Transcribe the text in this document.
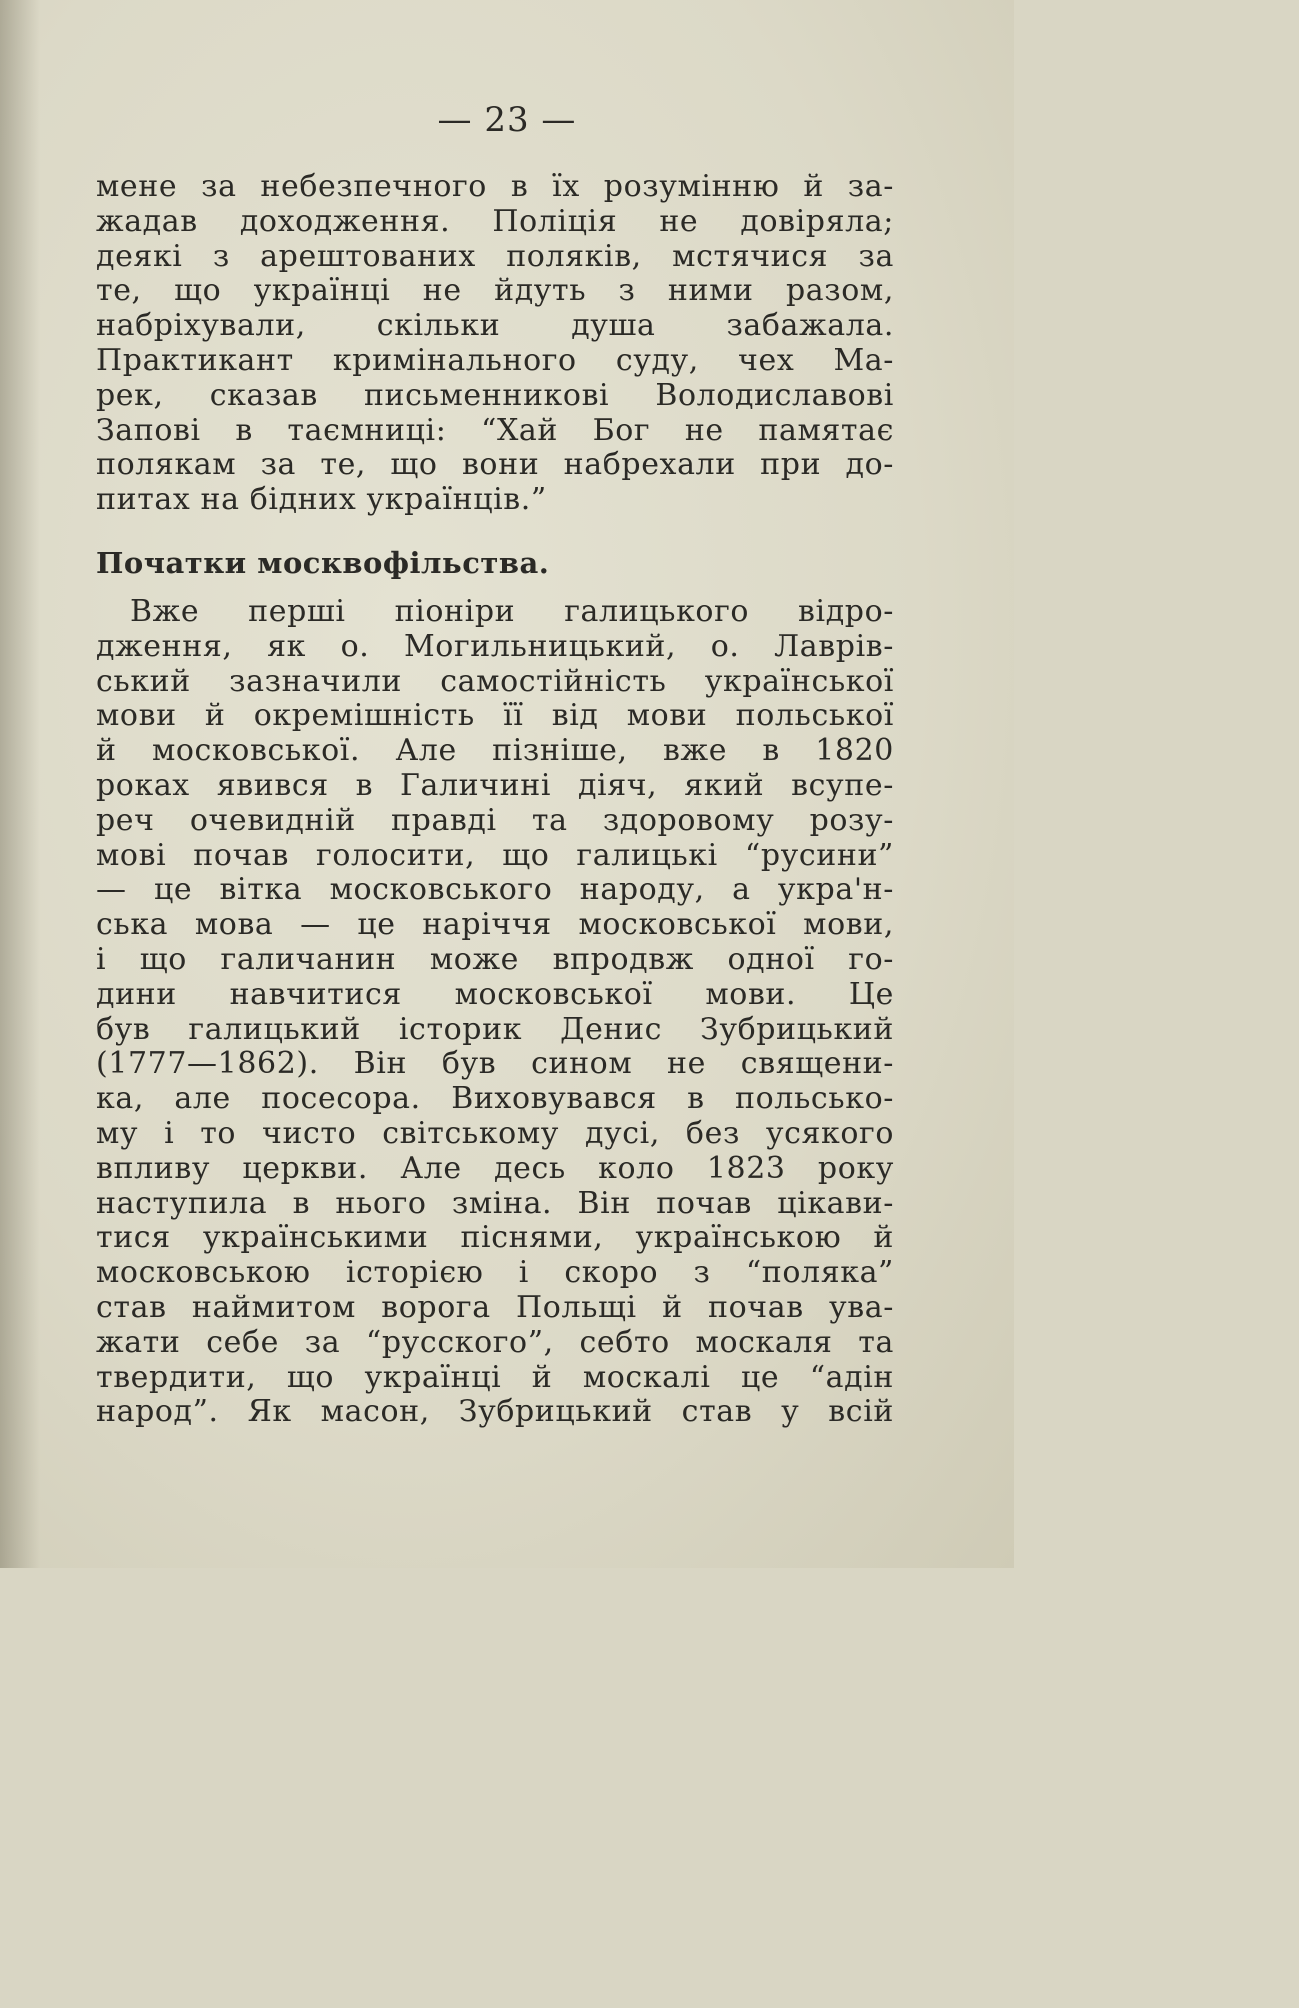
— 23 —
мене за небезпечного в їх розумінню й за-
жадав доходження. Поліція не довіряла;
деякі з арештованих поляків, мстячися за
те, що українці не йдуть з ними разом,
набріхували, скільки душа забажала.
Практикант кримінального суду, чех Ма-
рек, сказав письменникові Володиславові
Запові в таємниці: “Хай Бог не памятає
полякам за те, що вони набрехали при до-
питах на бідних українців.”
Початки москвофільства.
Вже перші піоніри галицького відро-
дження, як о. Могильницький, о. Лаврів-
ський зазначили самостійність української
мови й окремішність її від мови польської
й московської. Але пізніше, вже в 1820
роках явився в Галичині діяч, який всупе-
реч очевидній правді та здоровому розу-
мові почав голосити, що галицькі “русини”
— це вітка московського народу, а укра'н-
ська мова — це наріччя московської мови,
і що галичанин може впродвж одної го-
дини навчитися московської мови. Це
був галицький історик Денис Зубрицький
(1777—1862). Він був сином не священи-
ка, але посесора. Виховувався в польсько-
му і то чисто світському дусі, без усякого
впливу церкви. Але десь коло 1823 року
наступила в нього зміна. Він почав цікави-
тися українськими піснями, українською й
московською історією і скоро з “поляка”
став наймитом ворога Польщі й почав ува-
жати себе за “русского”, себто москаля та
твердити, що українці й москалі це “адін
народ”. Як масон, Зубрицький став у всій
